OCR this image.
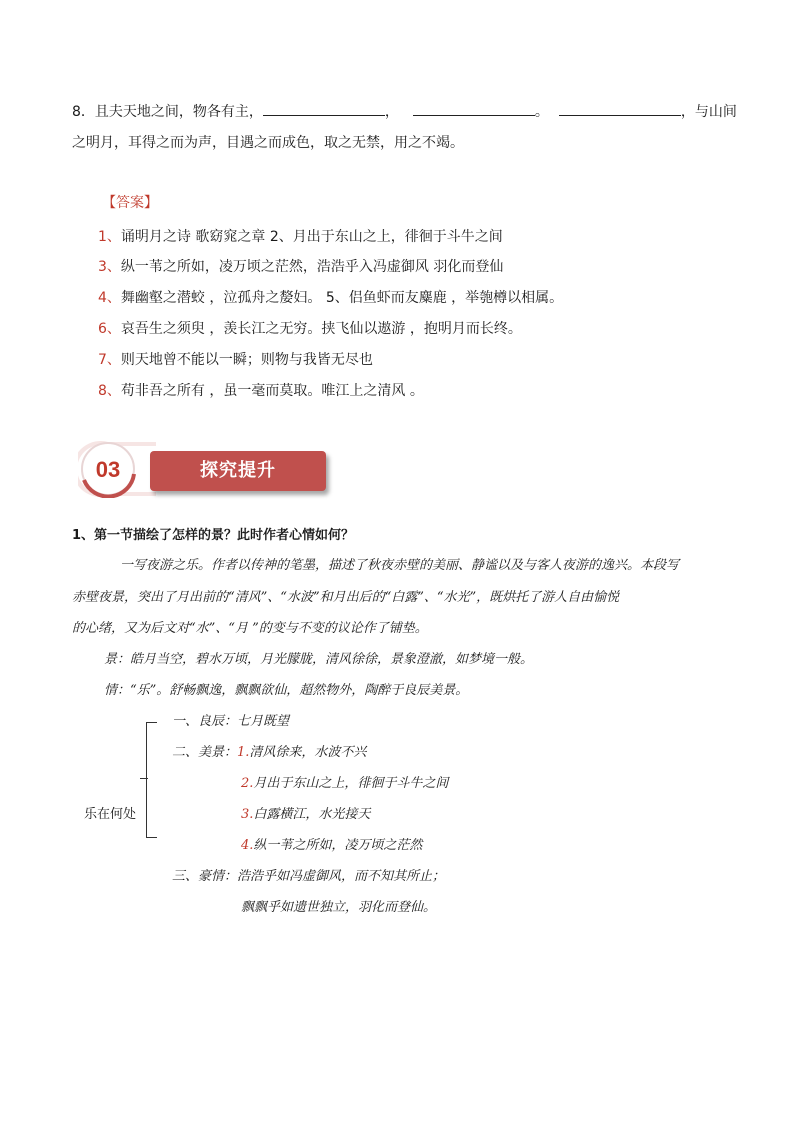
8．且夫天地之间，物各有主，	，	。	，与山间
之明月，耳得之而为声，目遇之而成色，取之无禁，用之不竭。
【答案】
1、诵明月之诗 歌窈窕之章 2、月出于东山之上，徘徊于斗牛之间
3、纵一苇之所如，凌万顷之茫然，浩浩乎入冯虚御风 羽化而登仙
4、舞幽壑之潜蛟 ，泣孤舟之嫠妇。 5、侣鱼虾而友麋鹿 ，举匏樽以相属。
6、哀吾生之须臾 ，羡长江之无穷。挟飞仙以遨游 ，抱明月而长终。
7、则天地曾不能以一瞬；则物与我皆无尽也
8、苟非吾之所有 ，虽一毫而莫取。唯江上之清风 。
03	探究提升
1、第一节描绘了怎样的景？此时作者心情如何？
一写夜游之乐。作者以传神的笔墨，描述了秋夜赤壁的美丽、静谧以及与客人夜游的逸兴。本段写
赤壁夜景，突出了月出前的“清风”、“水波”和月出后的“白露”、“水光”，既烘托了游人自由愉悦
的心绪，又为后文对“水”、“月 ”的变与不变的议论作了铺垫。
景：皓月当空，碧水万顷，月光朦胧，清风徐徐，景象澄澈，如梦境一般。
情：“乐”。舒畅飘逸，飘飘欲仙，超然物外，陶醉于良辰美景。
乐在何处
一、良辰：七月既望
二、美景：1.清风徐来，水波不兴
2.月出于东山之上，徘徊于斗牛之间
3.白露横江，水光接天
4.纵一苇之所如，凌万顷之茫然
三、豪情：浩浩乎如冯虚御风，而不知其所止；
飘飘乎如遗世独立，羽化而登仙。
